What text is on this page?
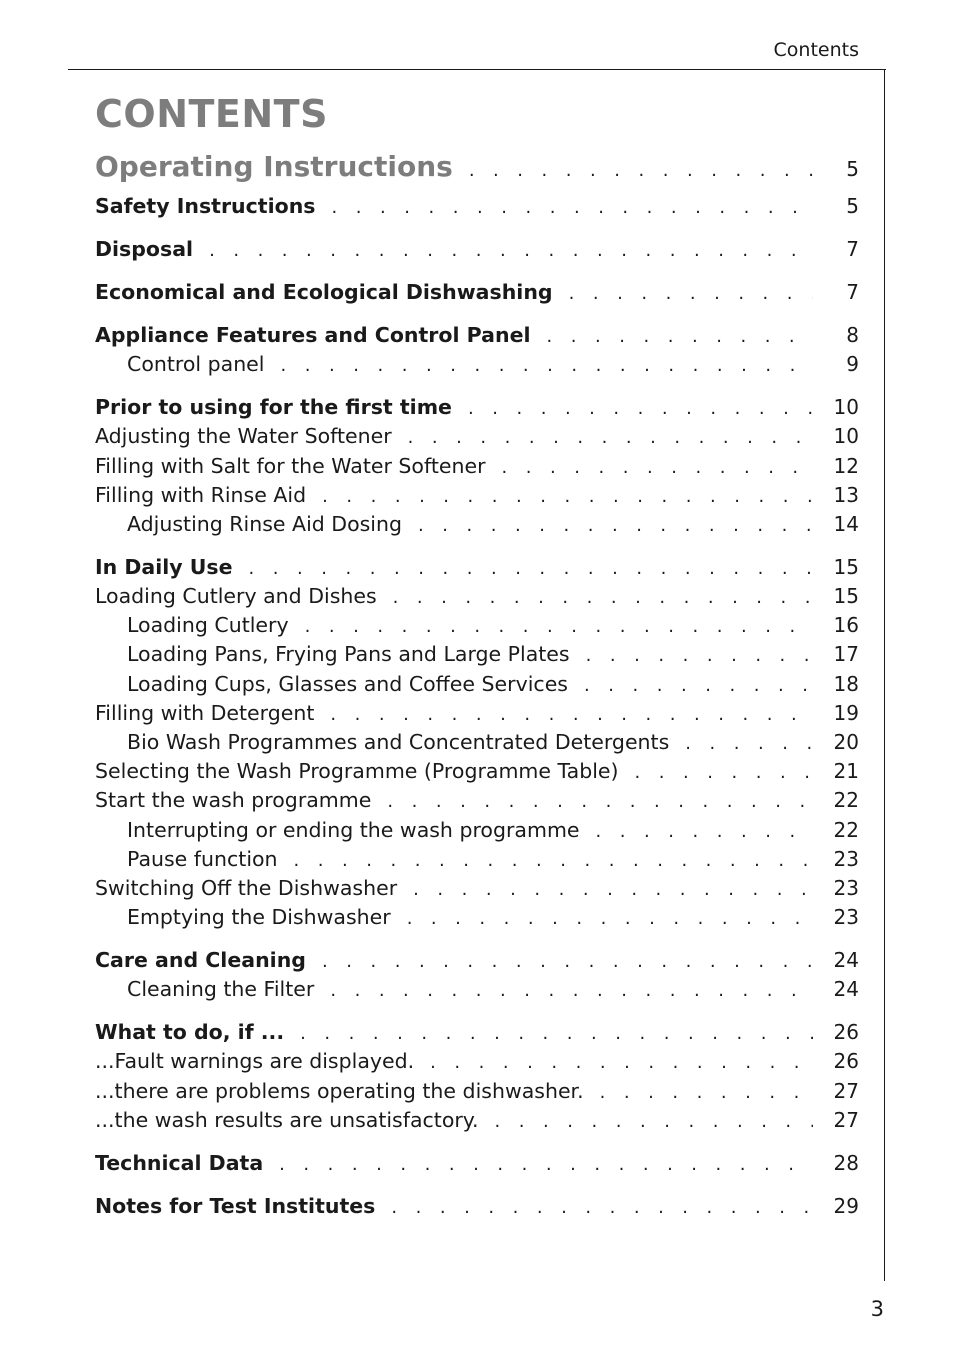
Contents
CONTENTS
Operating Instructions . . .	5
Safety Instructions . . .	5
Disposal . . .	7
Economical and Ecological Dishwashing . . .	7
Appliance Features and Control Panel . . .	8
Control panel . . .	9
Prior to using for the first time . . .	10
Adjusting the Water Softener . . .	10
Filling with Salt for the Water Softener . . .	12
Filling with Rinse Aid . . .	13
Adjusting Rinse Aid Dosing . . .	14
In Daily Use . . .	15
Loading Cutlery and Dishes . . .	15
Loading Cutlery . . .	16
Loading Pans, Frying Pans and Large Plates . . .	17
Loading Cups, Glasses and Coffee Services . . .	18
Filling with Detergent . . .	19
Bio Wash Programmes and Concentrated Detergents . . .	20
Selecting the Wash Programme (Programme Table) . . .	21
Start the wash programme . . .	22
Interrupting or ending the wash programme . . .	22
Pause function . . .	23
Switching Off the Dishwasher . . .	23
Emptying the Dishwasher . . .	23
Care and Cleaning . . .	24
Cleaning the Filter . . .	24
What to do, if ... . . .	26
...Fault warnings are displayed. . . .	26
...there are problems operating the dishwasher. . . .	27
...the wash results are unsatisfactory. . . .	27
Technical Data . . .	28
Notes for Test Institutes . . .	29
3
